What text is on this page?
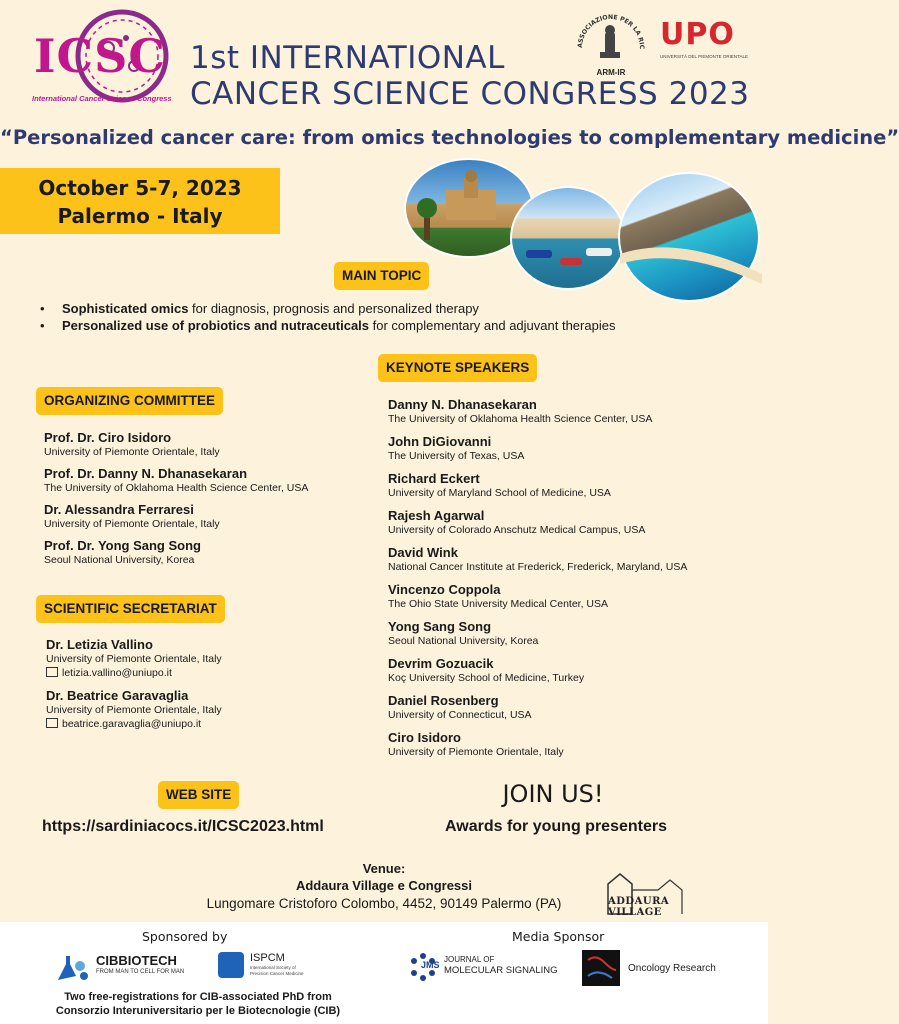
ICSC
International Cancer Science Congress
1st INTERNATIONAL
CANCER SCIENCE CONGRESS 2023
ASSOCIAZIONE PER LA RIC
ARM-IR
UPO
UNIVERSITÀ DEL PIEMONTE ORIENTALE
“Personalized cancer care: from omics technologies to complementary medicine”
October 5-7, 2023
Palermo - Italy
MAIN TOPIC
• Sophisticated omics for diagnosis, prognosis and personalized therapy
• Personalized use of probiotics and nutraceuticals for complementary and adjuvant therapies
ORGANIZING COMMITTEE
Prof. Dr. Ciro Isidoro
University of Piemonte Orientale, Italy
Prof. Dr. Danny N. Dhanasekaran
The University of Oklahoma Health Science Center, USA
Dr. Alessandra Ferraresi
University of Piemonte Orientale, Italy
Prof. Dr. Yong Sang Song
Seoul National University, Korea
SCIENTIFIC SECRETARIAT
Dr. Letizia Vallino
University of Piemonte Orientale, Italy
letizia.vallino@uniupo.it
Dr. Beatrice Garavaglia
University of Piemonte Orientale, Italy
beatrice.garavaglia@uniupo.it
KEYNOTE SPEAKERS
Danny N. Dhanasekaran
The University of Oklahoma Health Science Center, USA
John DiGiovanni
The University of Texas, USA
Richard Eckert
University of Maryland School of Medicine, USA
Rajesh Agarwal
University of Colorado Anschutz Medical Campus, USA
David Wink
National Cancer Institute at Frederick, Frederick, Maryland, USA
Vincenzo Coppola
The Ohio State University Medical Center, USA
Yong Sang Song
Seoul National University, Korea
Devrim Gozuacik
Koç University School of Medicine, Turkey
Daniel Rosenberg
University of Connecticut, USA
Ciro Isidoro
University of Piemonte Orientale, Italy
WEB SITE
https://sardiniacocs.it/ICSC2023.html
JOIN US!
Awards for young presenters
Venue:
Addaura Village e Congressi
Lungomare Cristoforo Colombo, 4452, 90149 Palermo (PA)	ADDAURA VILLAGE
Sponsored by
CIBBIOTECH
FROM MAN TO CELL FOR MAN
ISPCM
International Society of Precision Cancer Medicine
Two free-registrations for CIB-associated PhD from
Consorzio Interuniversitario per le Biotecnologie (CIB)
Media Sponsor
JMS
JOURNAL OF
MOLECULAR SIGNALING	Oncology Research
